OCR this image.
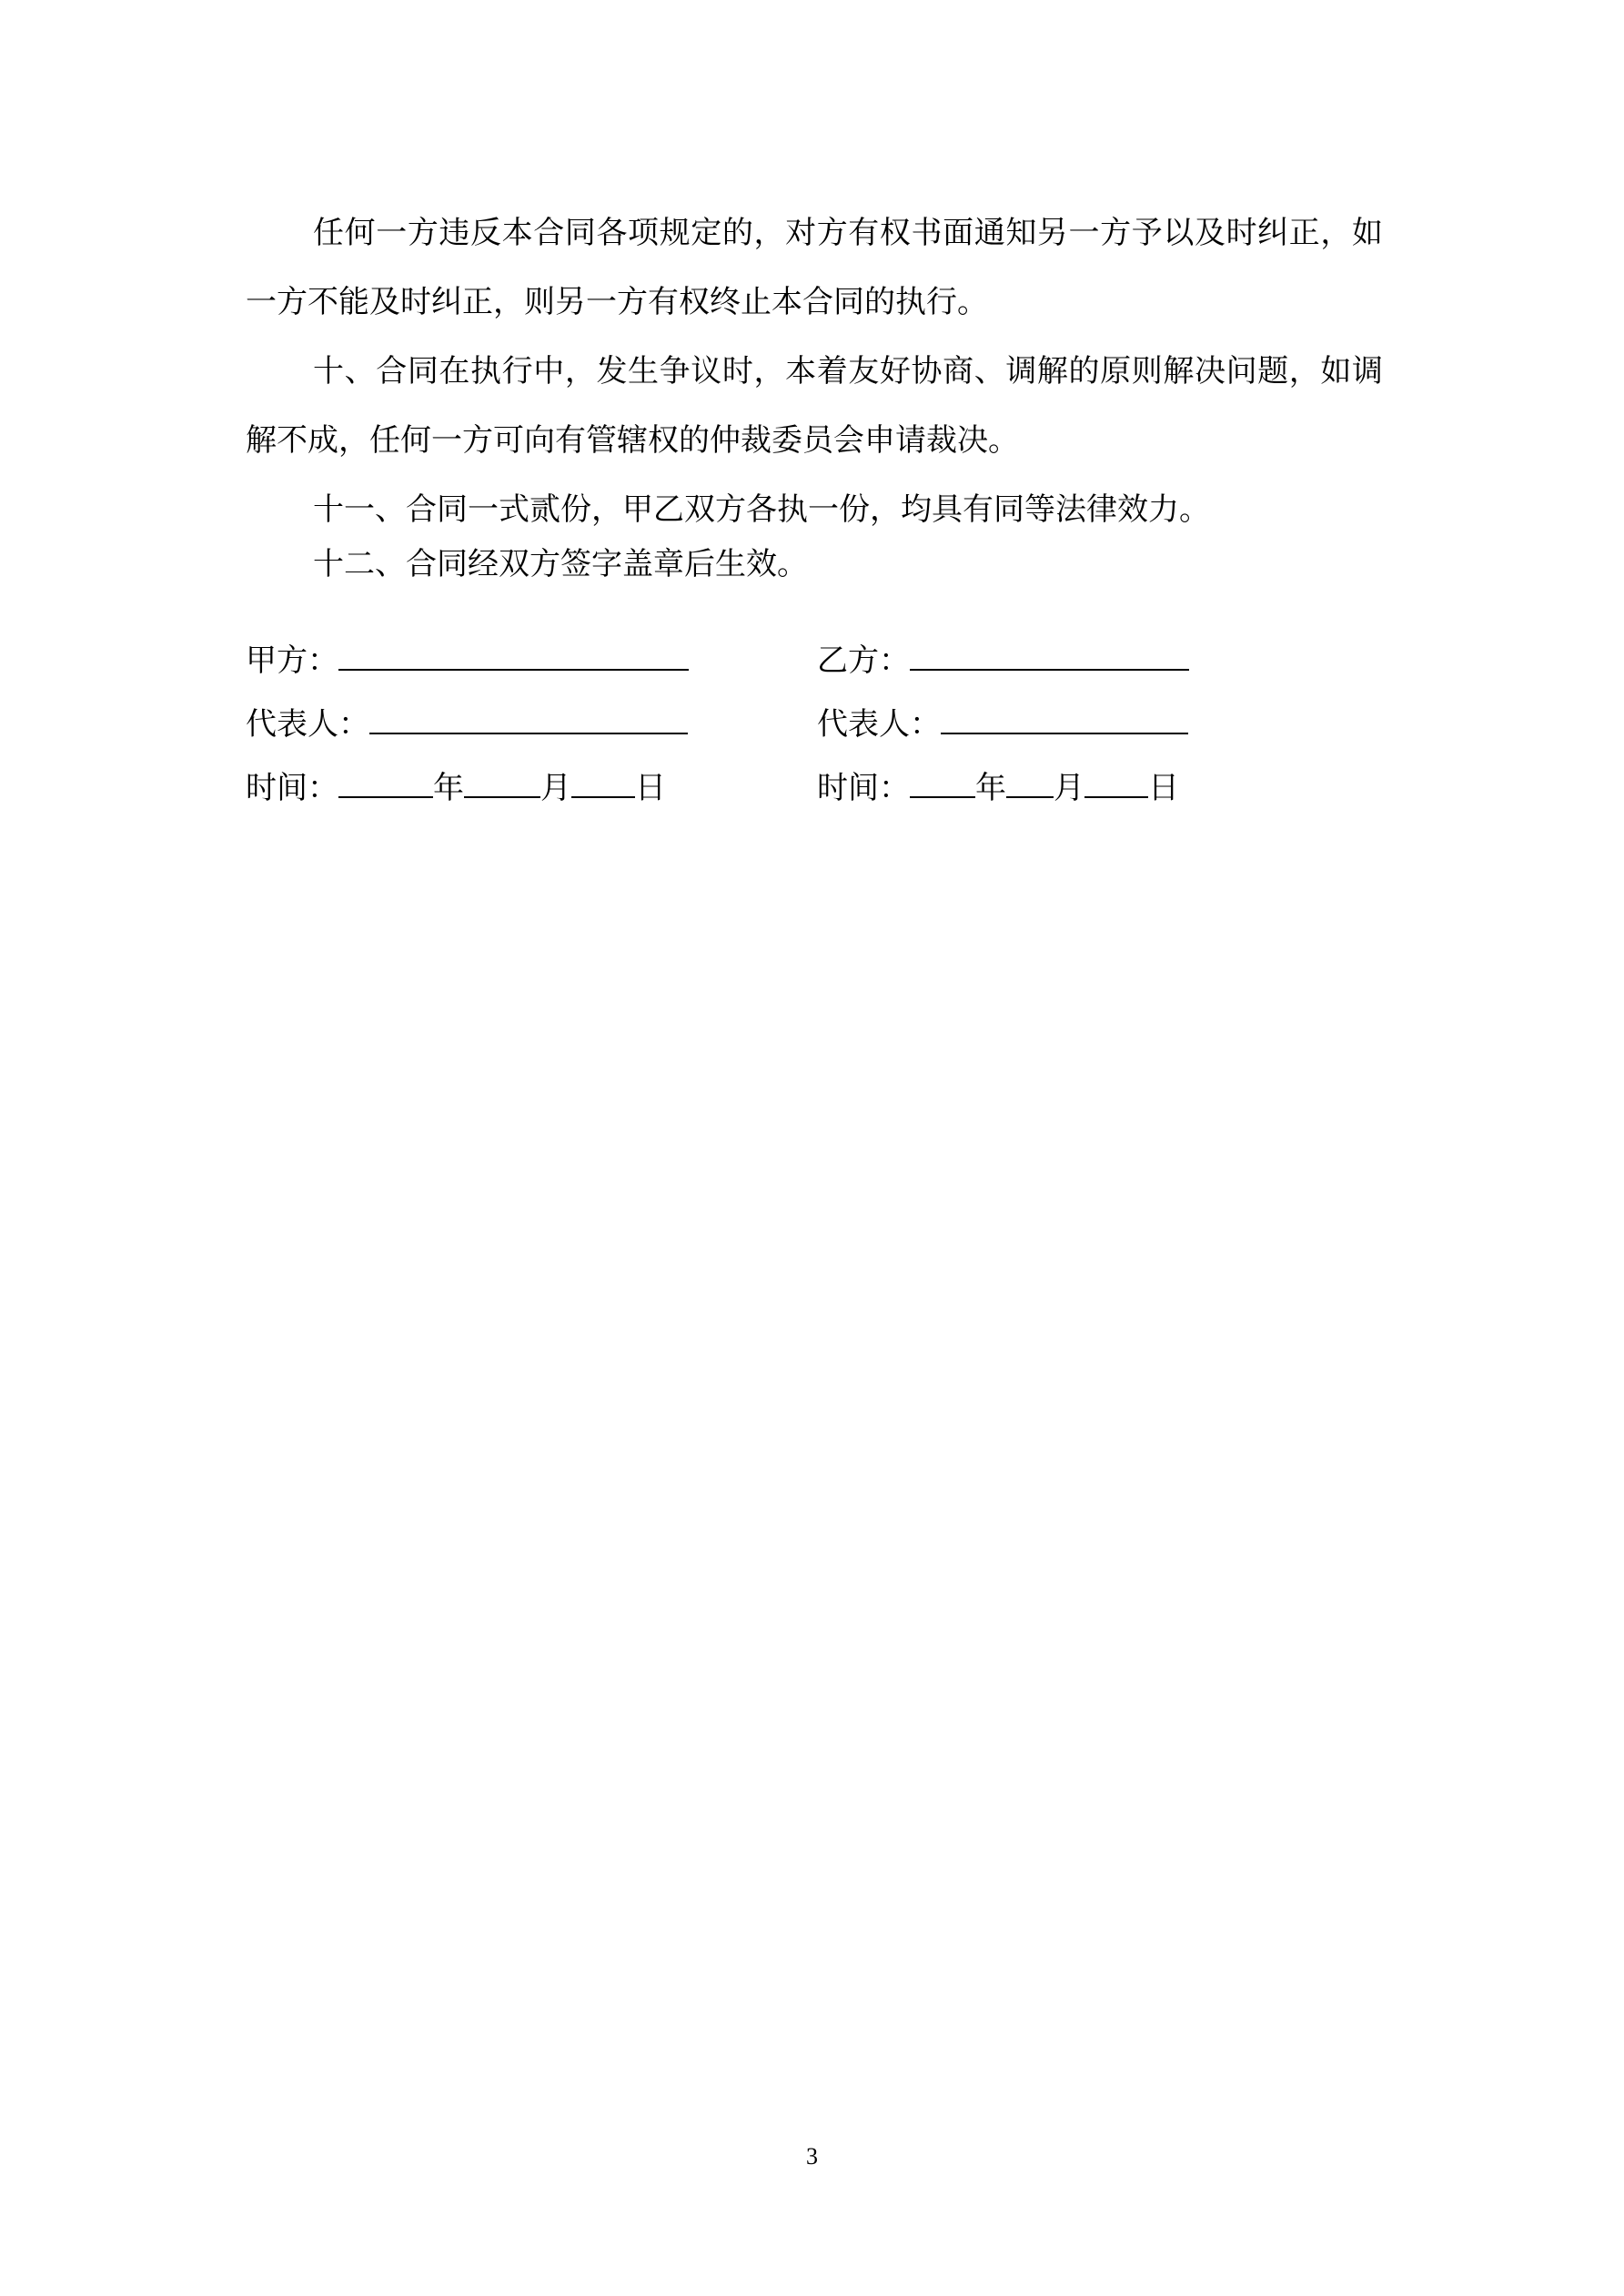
任何一方违反本合同各项规定的，对方有权书面通知另一方予以及时纠正，如一方不能及时纠正，则另一方有权终止本合同的执行。

十、合同在执行中，发生争议时，本着友好协商、调解的原则解决问题，如调解不成，任何一方可向有管辖权的仲裁委员会申请裁决。

十一、合同一式贰份，甲乙双方各执一份，均具有同等法律效力。

十二、合同经双方签字盖章后生效。

甲方：
代表人：
时间：	年 月 日
乙方：
代表人：
时间： 年 月 日
3
